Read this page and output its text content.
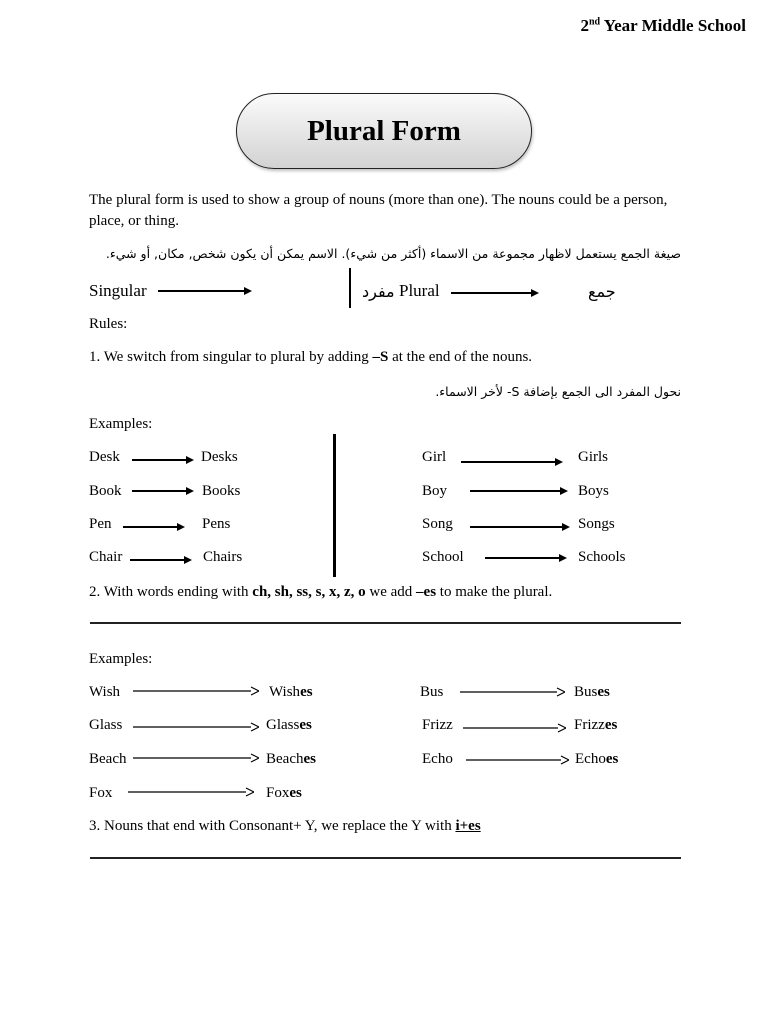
2nd Year Middle School
Plural Form
The plural form is used to show a group of nouns (more than one). The nouns could be a person, place, or thing.
صيغة الجمع يستعمل لاظهار مجموعة من الاسماء (أكثر من شيء). الاسم يمكن أن يكون شخص, مكان, أو شيء.
Singular	مفرد Plural	جمع
Rules:
1. We switch from singular to plural by adding –S at the end of the nouns.
نحول المفرد الى الجمع بإضافة S- لأخر الاسماء.
Examples:
Desk	Desks
Book	Books
Pen	Pens
Chair	Chairs
Girl	Girls
Boy	Boys
Song	Songs
School	Schools
2. With words ending with ch, sh, ss, s, x, z, o we add –es to make the plural.
Examples:
Wish	Wishes
Glass	Glasses
Beach	Beaches
Fox	Foxes
Bus	Buses
Frizz	Frizzes
Echo	Echoes
3. Nouns that end with Consonant+ Y, we replace the Y with i+es
